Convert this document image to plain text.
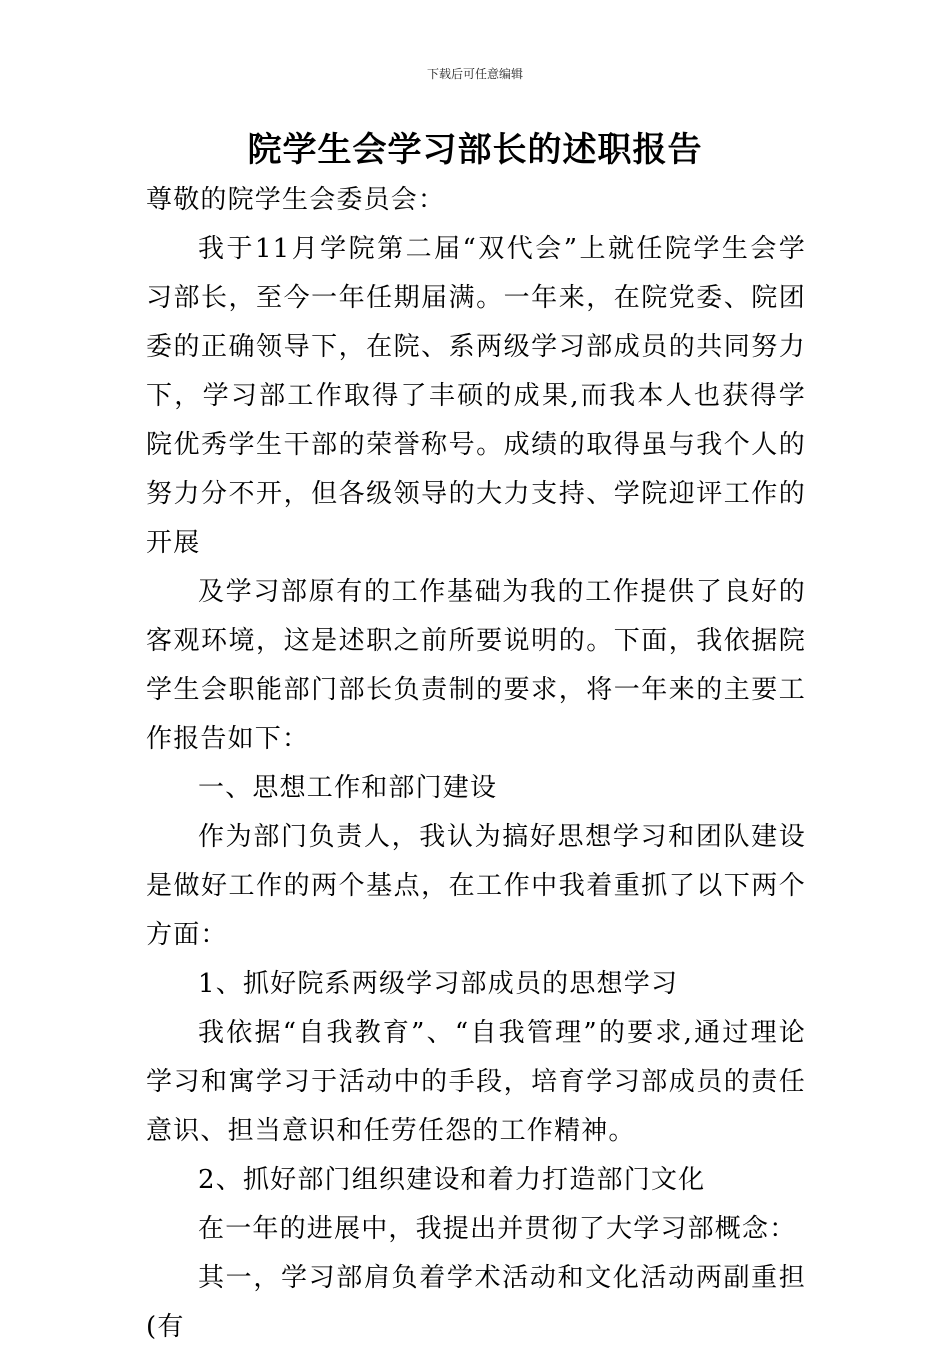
下载后可任意编辑
院学生会学习部长的述职报告

尊敬的院学生会委员会：

我于11月学院第二届“双代会”上就任院学生会学习部长，至今一年任期届满。一年来，在院党委、院团委的正确领导下，在院、系两级学习部成员的共同努力下，学习部工作取得了丰硕的成果,而我本人也获得学院优秀学生干部的荣誉称号。成绩的取得虽与我个人的努力分不开，但各级领导的大力支持、学院迎评工作的开展

及学习部原有的工作基础为我的工作提供了良好的客观环境，这是述职之前所要说明的。下面，我依据院学生会职能部门部长负责制的要求，将一年来的主要工作报告如下：

一、思想工作和部门建设

作为部门负责人，我认为搞好思想学习和团队建设是做好工作的两个基点，在工作中我着重抓了以下两个方面：

1、抓好院系两级学习部成员的思想学习

我依据“自我教育”、“自我管理”的要求,通过理论学习和寓学习于活动中的手段，培育学习部成员的责任意识、担当意识和任劳任怨的工作精神。

2、抓好部门组织建设和着力打造部门文化

在一年的进展中，我提出并贯彻了大学习部概念：

其一，学习部肩负着学术活动和文化活动两副重担(有
